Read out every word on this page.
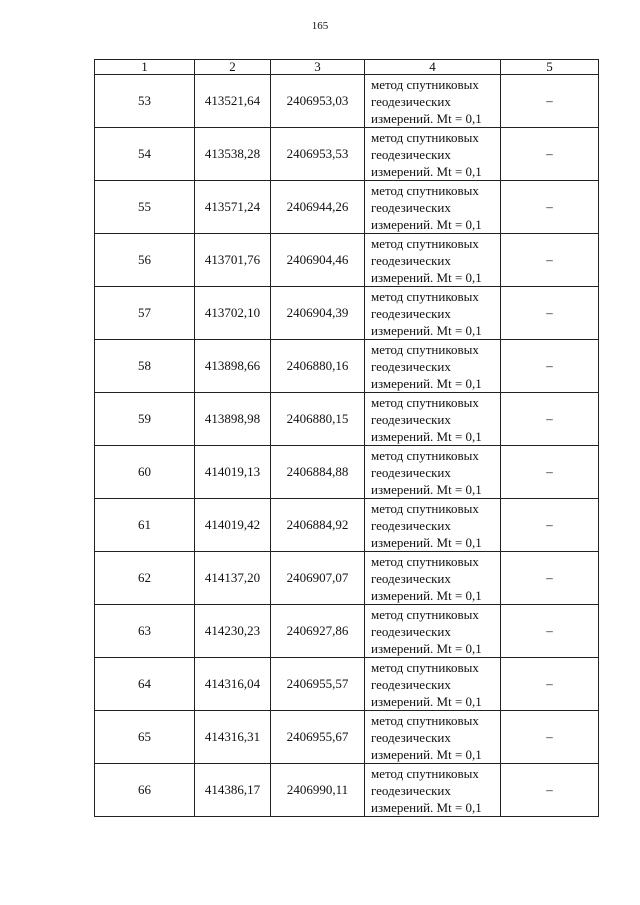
165
1	2	3	4	5
53	413521,64	2406953,03	метод спутниковых
геодезических
измерений. Mt = 0,1	–
54	413538,28	2406953,53	метод спутниковых
геодезических
измерений. Mt = 0,1	–
55	413571,24	2406944,26	метод спутниковых
геодезических
измерений. Mt = 0,1	–
56	413701,76	2406904,46	метод спутниковых
геодезических
измерений. Mt = 0,1	–
57	413702,10	2406904,39	метод спутниковых
геодезических
измерений. Mt = 0,1	–
58	413898,66	2406880,16	метод спутниковых
геодезических
измерений. Mt = 0,1	–
59	413898,98	2406880,15	метод спутниковых
геодезических
измерений. Mt = 0,1	–
60	414019,13	2406884,88	метод спутниковых
геодезических
измерений. Mt = 0,1	–
61	414019,42	2406884,92	метод спутниковых
геодезических
измерений. Mt = 0,1	–
62	414137,20	2406907,07	метод спутниковых
геодезических
измерений. Mt = 0,1	–
63	414230,23	2406927,86	метод спутниковых
геодезических
измерений. Mt = 0,1	–
64	414316,04	2406955,57	метод спутниковых
геодезических
измерений. Mt = 0,1	–
65	414316,31	2406955,67	метод спутниковых
геодезических
измерений. Mt = 0,1	–
66	414386,17	2406990,11	метод спутниковых
геодезических
измерений. Mt = 0,1	–
